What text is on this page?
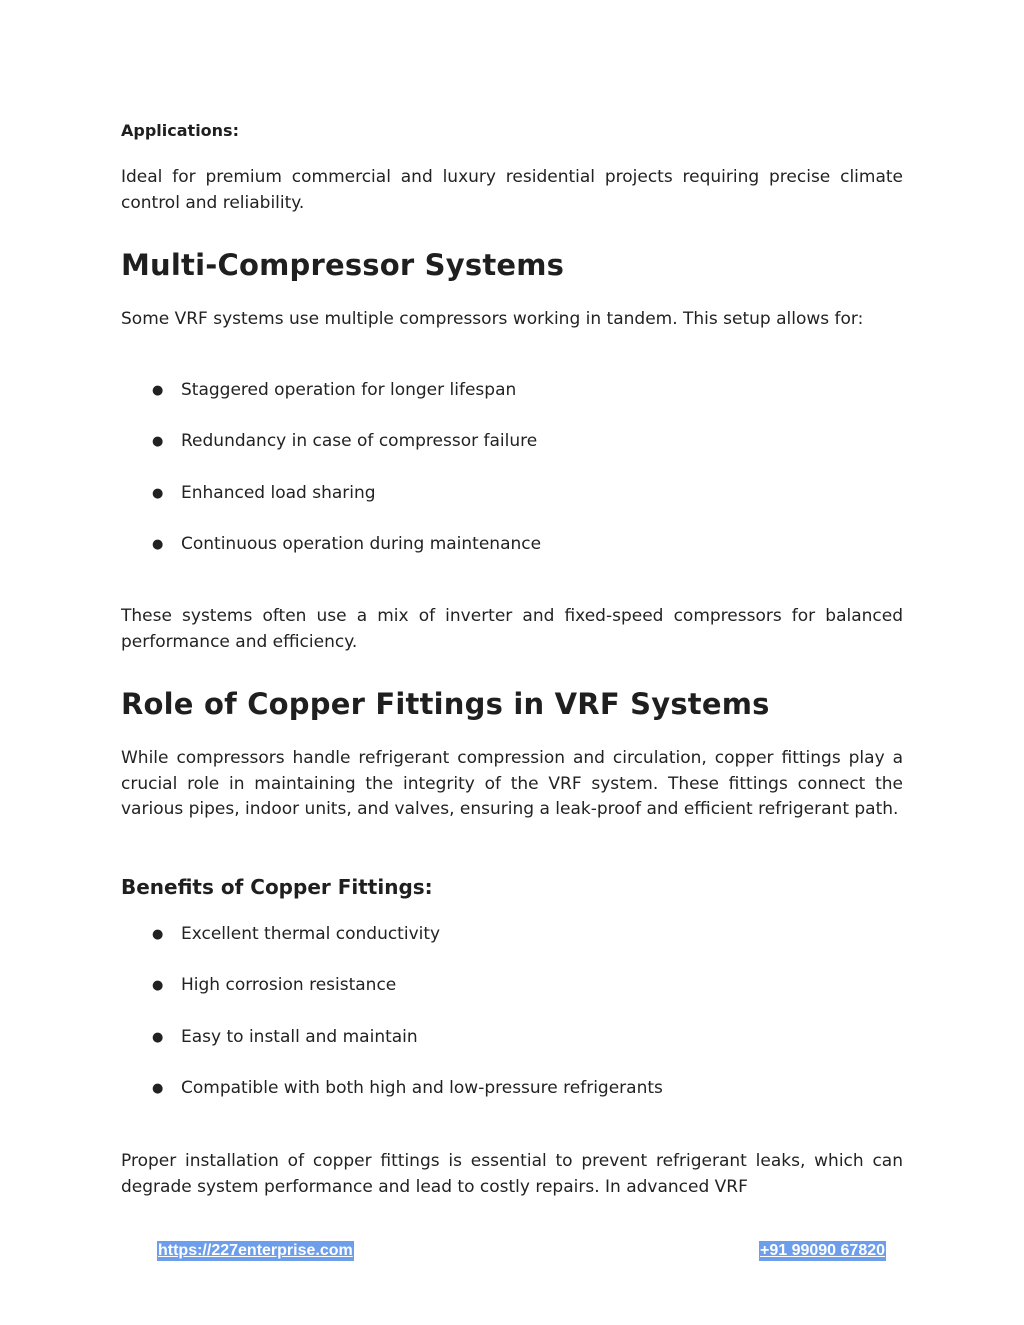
Applications:

Ideal for premium commercial and luxury residential projects requiring precise climate control and reliability.

Multi-Compressor Systems

Some VRF systems use multiple compressors working in tandem. This setup allows for:

● Staggered operation for longer lifespan
● Redundancy in case of compressor failure
● Enhanced load sharing
● Continuous operation during maintenance

These systems often use a mix of inverter and fixed-speed compressors for balanced performance and efficiency.

Role of Copper Fittings in VRF Systems

While compressors handle refrigerant compression and circulation, copper fittings play a crucial role in maintaining the integrity of the VRF system. These fittings connect the various pipes, indoor units, and valves, ensuring a leak-proof and efficient refrigerant path.

Benefits of Copper Fittings:
● Excellent thermal conductivity
● High corrosion resistance
● Easy to install and maintain
● Compatible with both high and low-pressure refrigerants

Proper installation of copper fittings is essential to prevent refrigerant leaks, which can degrade system performance and lead to costly repairs. In advanced VRF

https://227enterprise.com	+91 99090 67820
